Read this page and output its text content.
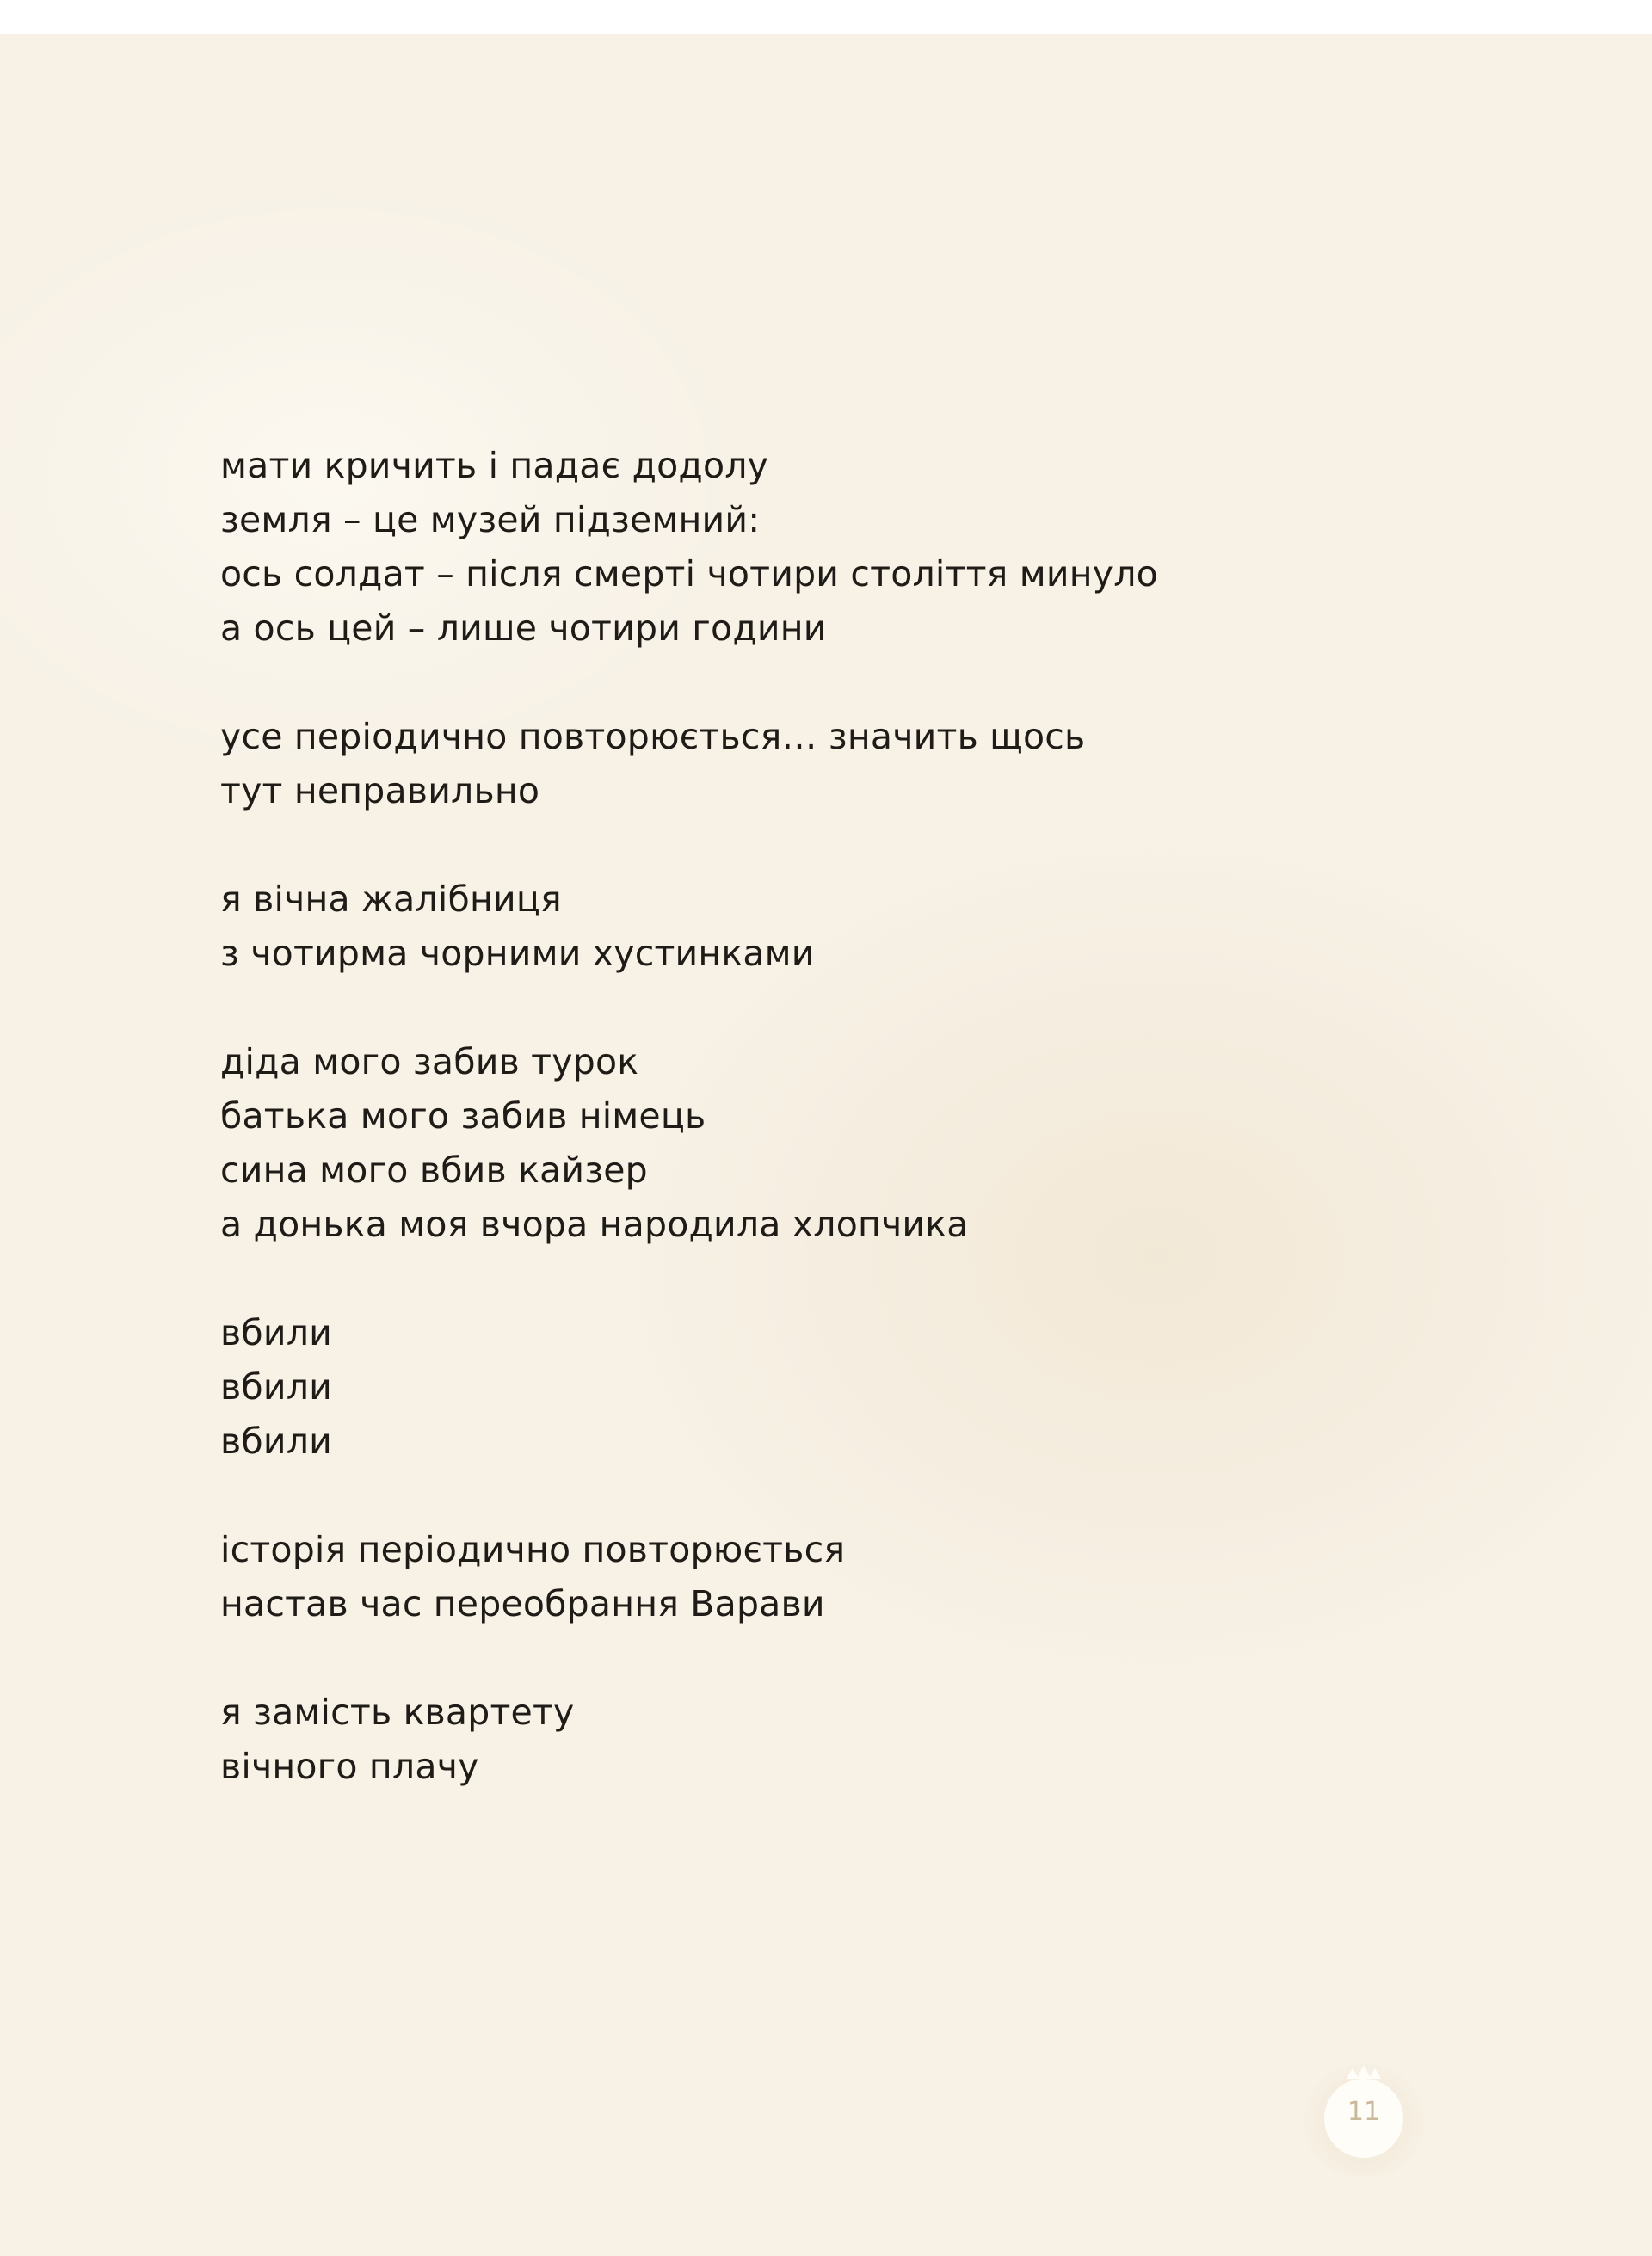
мати кричить і падає додолу
земля – це музей підземний:
ось солдат – після смерті чотири століття минуло
а ось цей – лише чотири години
усе періодично повторюється… значить щось
тут неправильно
я вічна жалібниця
з чотирма чорними хустинками
діда мого забив турок
батька мого забив німець
сина мого вбив кайзер
а донька моя вчора народила хлопчика
вбили
вбили
вбили
історія періодично повторюється
настав час переобрання Варави
я замість квартету
вічного плачу
11
